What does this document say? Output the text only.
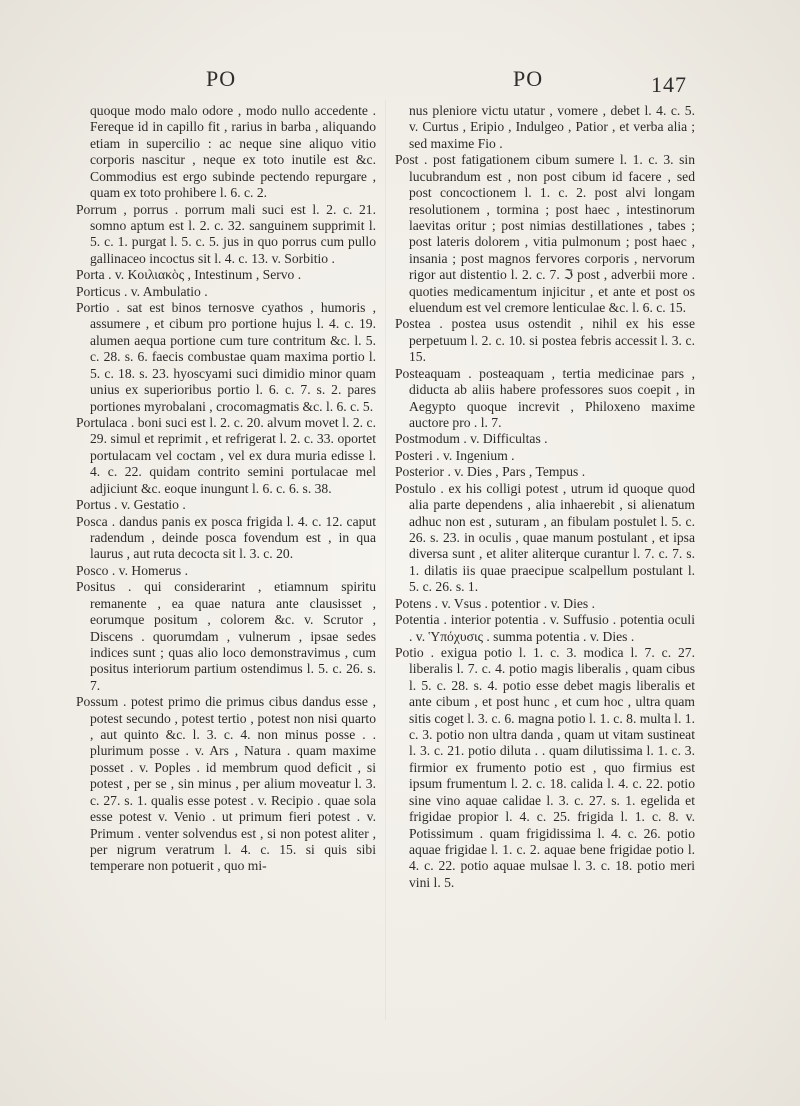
PO	PO	147
quoque modo malo odore , modo nullo accedente . Fereque id in capillo fit , rarius in barba , aliquando etiam in supercilio : ac neque sine aliquo vitio corporis nascitur , neque ex toto inutile est &c. Commodius est ergo subinde pectendo repurgare , quam ex toto prohibere l. 6. c. 2.
Porrum , porrus . porrum mali suci est l. 2. c. 21. somno aptum est l. 2. c. 32. sanguinem supprimit l. 5. c. 1. purgat l. 5. c. 5. jus in quo porrus cum pullo gallinaceo incoctus sit l. 4. c. 13. v. Sorbitio .
Porta . v. Κοιλιακὸς , Intestinum , Servo .
Porticus . v. Ambulatio .
Portio . sat est binos ternosve cyathos , humoris , assumere , et cibum pro portione hujus l. 4. c. 19. alumen aequa portione cum ture contritum &c. l. 5. c. 28. s. 6. faecis combustae quam maxima portio l. 5. c. 18. s. 23. hyoscyami suci dimidio minor quam unius ex superioribus portio l. 6. c. 7. s. 2. pares portiones myrobalani , crocomagmatis &c. l. 6. c. 5.
Portulaca . boni suci est l. 2. c. 20. alvum movet l. 2. c. 29. simul et reprimit , et refrigerat l. 2. c. 33. oportet portulacam vel coctam , vel ex dura muria edisse l. 4. c. 22. quidam contrito semini portulacae mel adjiciunt &c. eoque inungunt l. 6. c. 6. s. 38.
Portus . v. Gestatio .
Posca . dandus panis ex posca frigida l. 4. c. 12. caput radendum , deinde posca fovendum est , in qua laurus , aut ruta decocta sit l. 3. c. 20.
Posco . v. Homerus .
Positus . qui considerarint , etiamnum spiritu remanente , ea quae natura ante clausisset , eorumque positum , colorem &c. v. Scrutor , Discens . quorumdam , vulnerum , ipsae sedes indices sunt ; quas alio loco demonstravimus , cum positus interiorum partium ostendimus l. 5. c. 26. s. 7.
Possum . potest primo die primus cibus dandus esse , potest secundo , potest tertio , potest non nisi quarto , aut quinto &c. l. 3. c. 4. non minus posse . . plurimum posse . v. Ars , Natura . quam maxime posset . v. Poples . id membrum quod deficit , si potest , per se , sin minus , per alium moveatur l. 3. c. 27. s. 1. qualis esse potest . v. Recipio . quae sola esse potest v. Venio . ut primum fieri potest . v. Primum . venter solvendus est , si non potest aliter , per nigrum veratrum l. 4. c. 15. si quis sibi temperare non potuerit , quo mi-
nus pleniore victu utatur , vomere , debet l. 4. c. 5. v. Curtus , Eripio , Indulgeo , Patior , et verba alia ; sed maxime Fio .
Post . post fatigationem cibum sumere l. 1. c. 3. sin lucubrandum est , non post cibum id facere , sed post concoctionem l. 1. c. 2. post alvi longam resolutionem , tormina ; post haec , intestinorum laevitas oritur ; post nimias destillationes , tabes ; post lateris dolorem , vitia pulmonum ; post haec , insania ; post magnos fervores corporis , nervorum rigor aut distentio l. 2. c. 7. ℑ post , adverbii more . quoties medicamentum injicitur , et ante et post os eluendum est vel cremore lenticulae &c. l. 6. c. 15.
Postea . postea usus ostendit , nihil ex his esse perpetuum l. 2. c. 10. si postea febris accessit l. 3. c. 15.
Posteaquam . posteaquam , tertia medicinae pars , diducta ab aliis habere professores suos coepit , in Aegypto quoque increvit , Philoxeno maxime auctore pro . l. 7.
Postmodum . v. Difficultas .
Posteri . v. Ingenium .
Posterior . v. Dies , Pars , Tempus .
Postulo . ex his colligi potest , utrum id quoque quod alia parte dependens , alia inhaerebit , si alienatum adhuc non est , suturam , an fibulam postulet l. 5. c. 26. s. 23. in oculis , quae manum postulant , et ipsa diversa sunt , et aliter aliterque curantur l. 7. c. 7. s. 1. dilatis iis quae praecipue scalpellum postulant l. 5. c. 26. s. 1.
Potens . v. Vsus . potentior . v. Dies .
Potentia . interior potentia . v. Suffusio . potentia oculi . v. Ὑπόχυσις . summa potentia . v. Dies .
Potio . exigua potio l. 1. c. 3. modica l. 7. c. 27. liberalis l. 7. c. 4. potio magis liberalis , quam cibus l. 5. c. 28. s. 4. potio esse debet magis liberalis et ante cibum , et post hunc , et cum hoc , ultra quam sitis coget l. 3. c. 6. magna potio l. 1. c. 8. multa l. 1. c. 3. potio non ultra danda , quam ut vitam sustineat l. 3. c. 21. potio diluta . . quam dilutissima l. 1. c. 3. firmior ex frumento potio est , quo firmius est ipsum frumentum l. 2. c. 18. calida l. 4. c. 22. potio sine vino aquae calidae l. 3. c. 27. s. 1. egelida et frigidae propior l. 4. c. 25. frigida l. 1. c. 8. v. Potissimum . quam frigidissima l. 4. c. 26. potio aquae frigidae l. 1. c. 2. aquae bene frigidae potio l. 4. c. 22. potio aquae mulsae l. 3. c. 18. potio meri vini l. 5.
